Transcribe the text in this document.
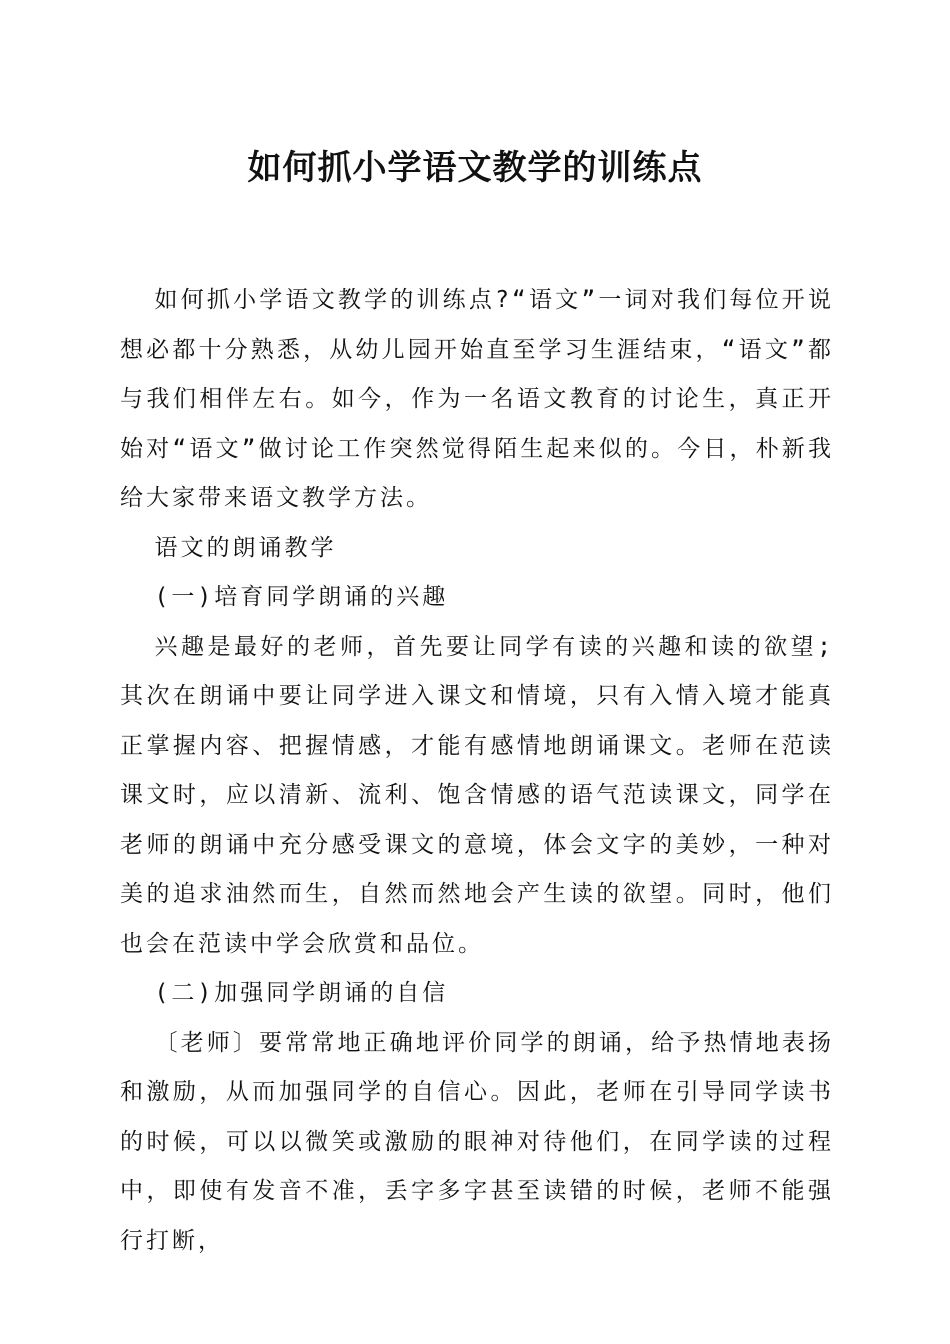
如何抓小学语文教学的训练点

如何抓小学语文教学的训练点?“语文”一词对我们每位开说想必都十分熟悉，从幼儿园开始直至学习生涯结束，“语文”都与我们相伴左右。如今，作为一名语文教育的讨论生，真正开始对“语文”做讨论工作突然觉得陌生起来似的。今日，朴新我给大家带来语文教学方法。

语文的朗诵教学

(一)培育同学朗诵的兴趣

兴趣是最好的老师，首先要让同学有读的兴趣和读的欲望;其次在朗诵中要让同学进入课文和情境，只有入情入境才能真正掌握内容、把握情感，才能有感情地朗诵课文。老师在范读课文时，应以清新、流利、饱含情感的语气范读课文，同学在老师的朗诵中充分感受课文的意境，体会文字的美妙，一种对美的追求油然而生，自然而然地会产生读的欲望。同时，他们也会在范读中学会欣赏和品位。

(二)加强同学朗诵的自信

〔老师〕要常常地正确地评价同学的朗诵，给予热情地表扬和激励，从而加强同学的自信心。因此，老师在引导同学读书的时候，可以以微笑或激励的眼神对待他们，在同学读的过程中，即使有发音不准，丢字多字甚至读错的时候，老师不能强行打断，
